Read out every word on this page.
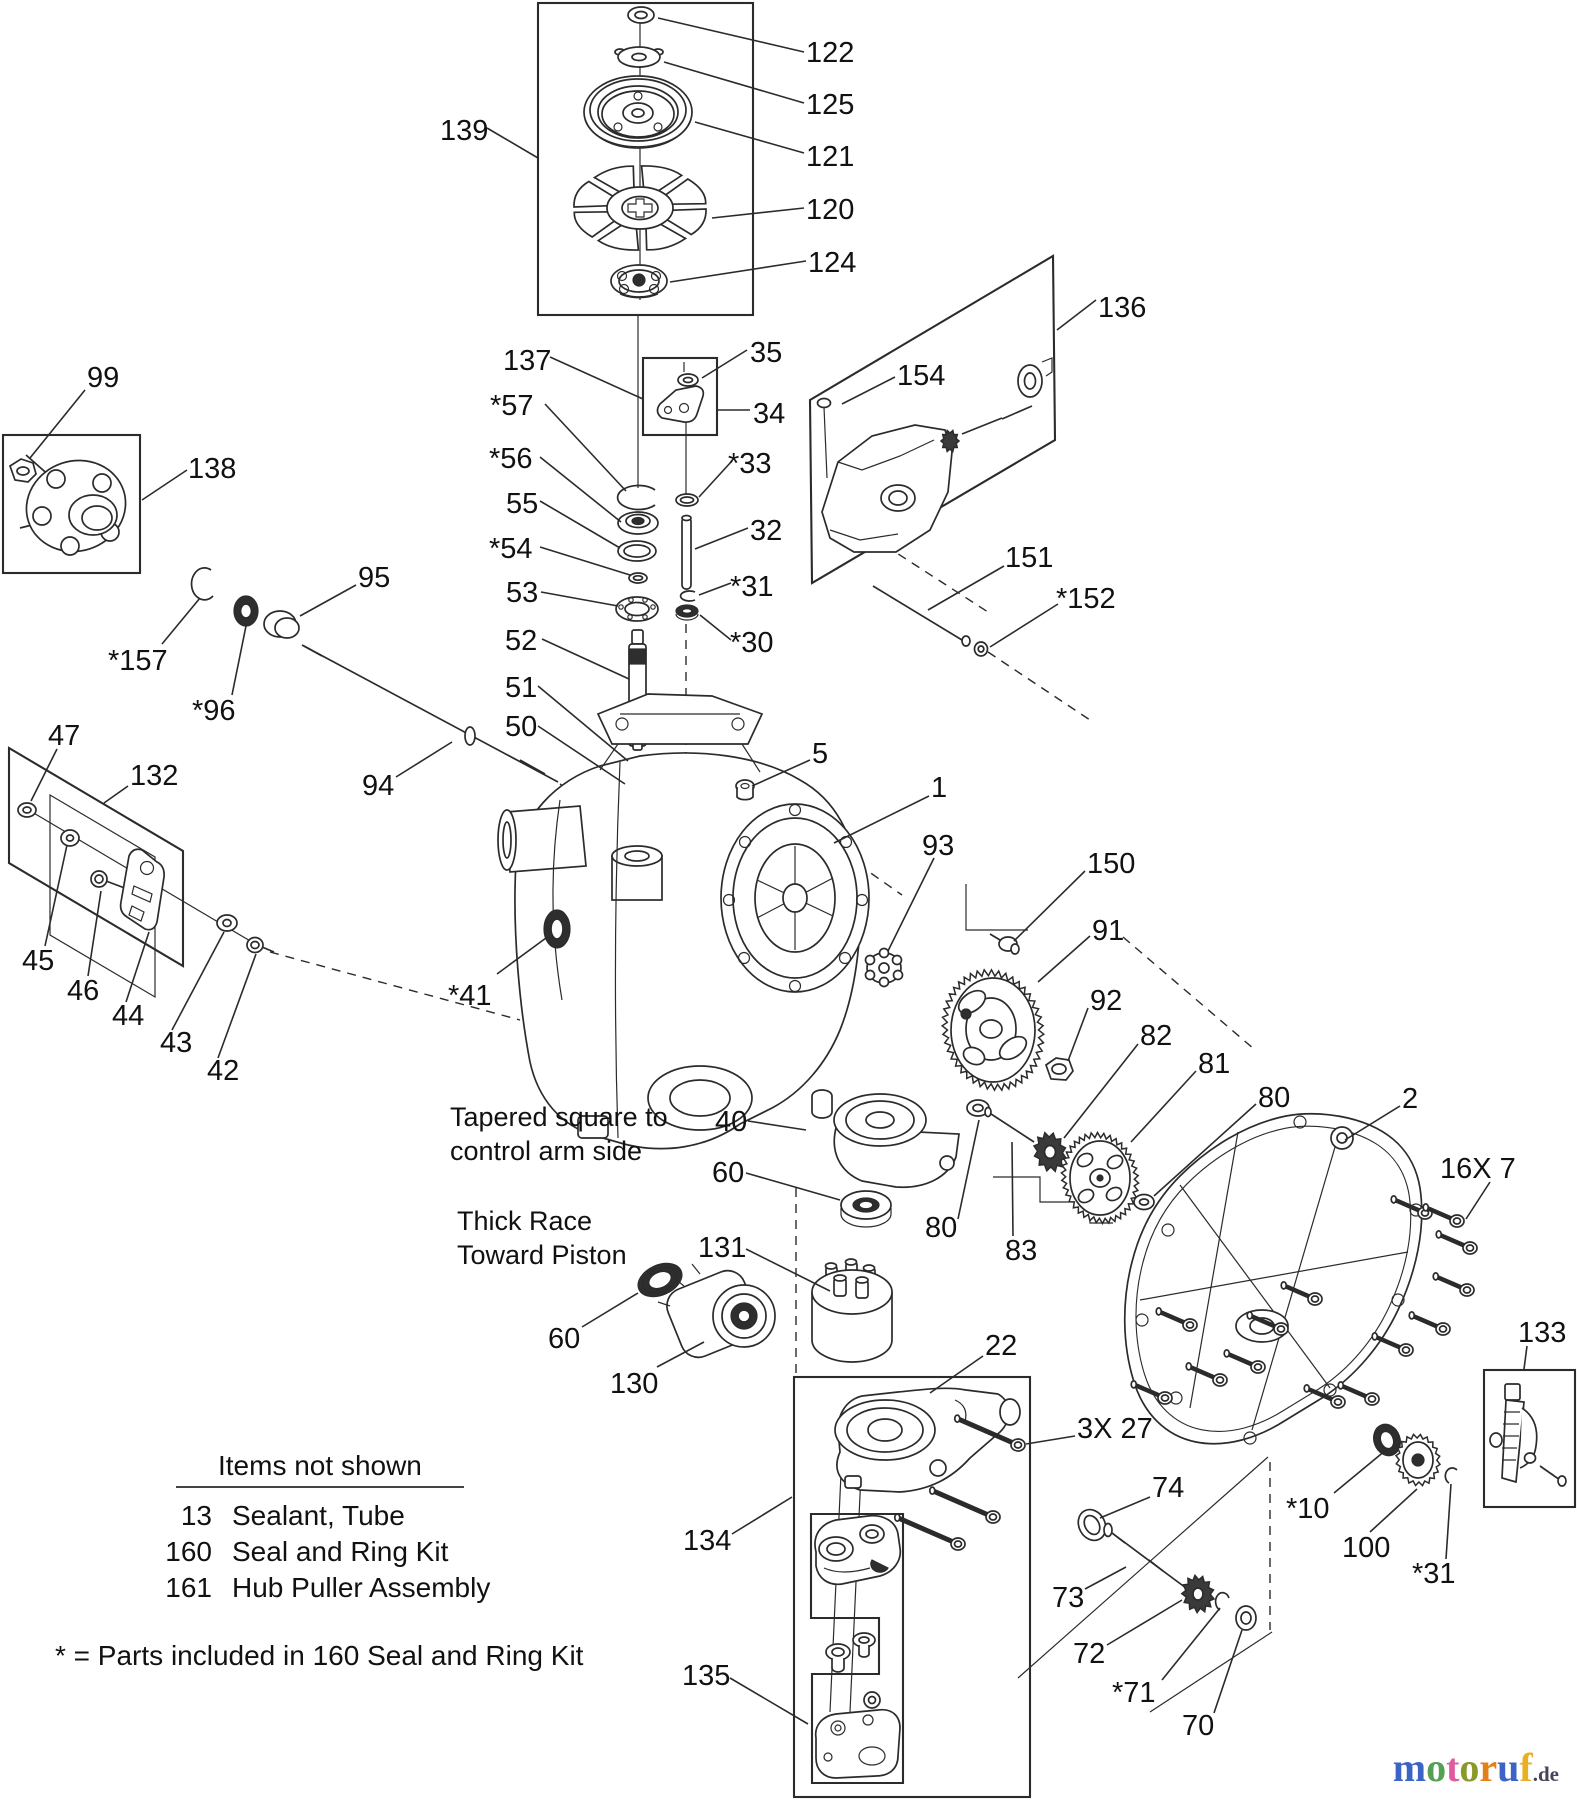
139
122
125
121
120
124
137	35
34
*33
32
*31
*30
*57
*56
55
*54
53
52
51
50
136
154
151
*152
99
138
*157
*96
95
94
47
132
45
46
44
43
42
*41
5
1
93
150
91
92
82
81
80
80
83
2
16X 7
40
60
60
131
130
22
3X 27
134
135
74
73
72
*71
70
133
*10
100
*31
Tapered square to
control arm side
Thick Race
Toward Piston
Items not shown
13	Sealant, Tube
160	Seal and Ring Kit
161	Hub Puller Assembly
* = Parts included in 160 Seal and Ring Kit
motoruf.de
